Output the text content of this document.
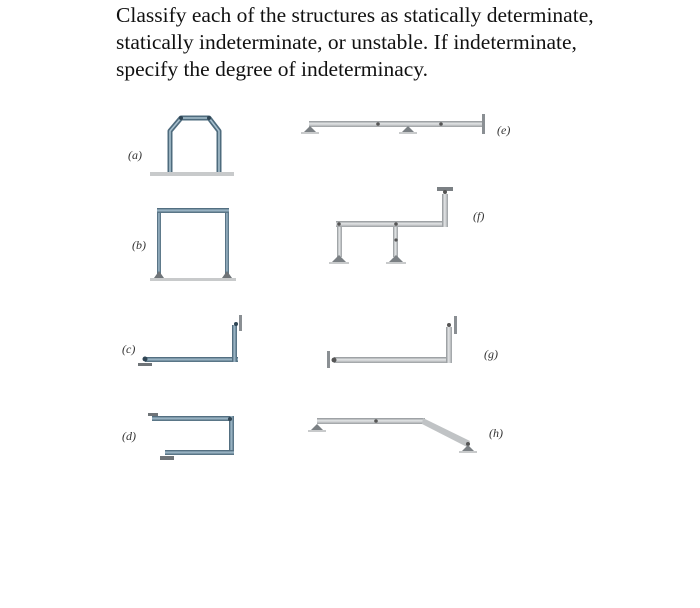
Classify each of the structures as statically determinate,
statically indeterminate, or unstable. If indeterminate,
specify the degree of indeterminacy.
(a)
(b)
(c)
(d)
(e)
(f)
(g)
(h)
